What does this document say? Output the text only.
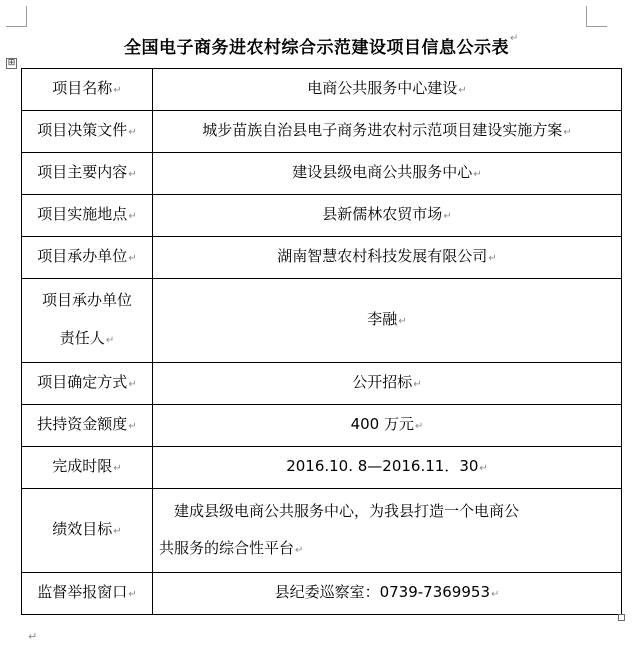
全国电子商务进农村综合示范建设项目信息公示表↵
⊞
项目名称↵	电商公共服务中心建设↵
项目决策文件↵	城步苗族自治县电子商务进农村示范项目建设实施方案↵
项目主要内容↵	建设县级电商公共服务中心↵
项目实施地点↵	县新儒林农贸市场↵
项目承办单位↵	湖南智慧农村科技发展有限公司↵
项目承办单位
责任人↵	李融↵
项目确定方式↵	公开招标↵
扶持资金额度↵	400 万元↵
完成时限↵	2016.10. 8—2016.11．30↵
绩效目标↵	　建成县级电商公共服务中心，为我县打造一个电商公
共服务的综合性平台↵
监督举报窗口↵	县纪委巡察室：0739-7369953↵
↵
